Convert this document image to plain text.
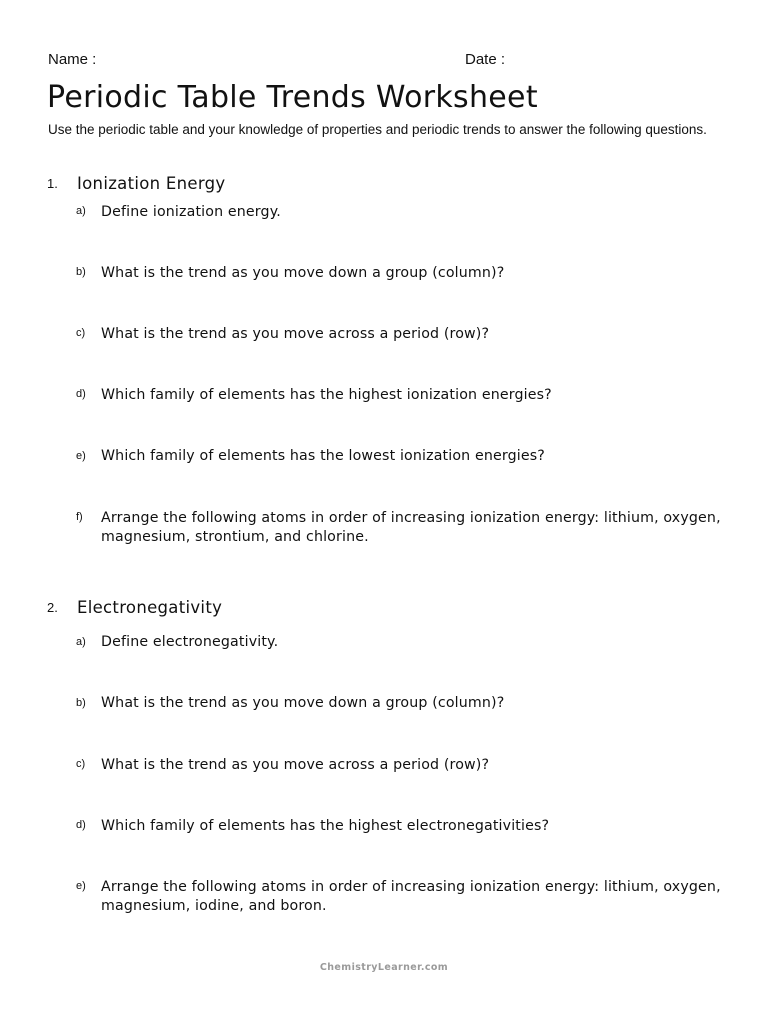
Name :	Date :
Periodic Table Trends Worksheet
Use the periodic table and your knowledge of properties and periodic trends to answer the following questions.
1. Ionization Energy
a) Define ionization energy.
b) What is the trend as you move down a group (column)?
c) What is the trend as you move across a period (row)?
d) Which family of elements has the highest ionization energies?
e) Which family of elements has the lowest ionization energies?
f) Arrange the following atoms in order of increasing ionization energy: lithium, oxygen, magnesium, strontium, and chlorine.
2. Electronegativity
a) Define electronegativity.
b) What is the trend as you move down a group (column)?
c) What is the trend as you move across a period (row)?
d) Which family of elements has the highest electronegativities?
e) Arrange the following atoms in order of increasing ionization energy: lithium, oxygen, magnesium, iodine, and boron.
ChemistryLearner.com
